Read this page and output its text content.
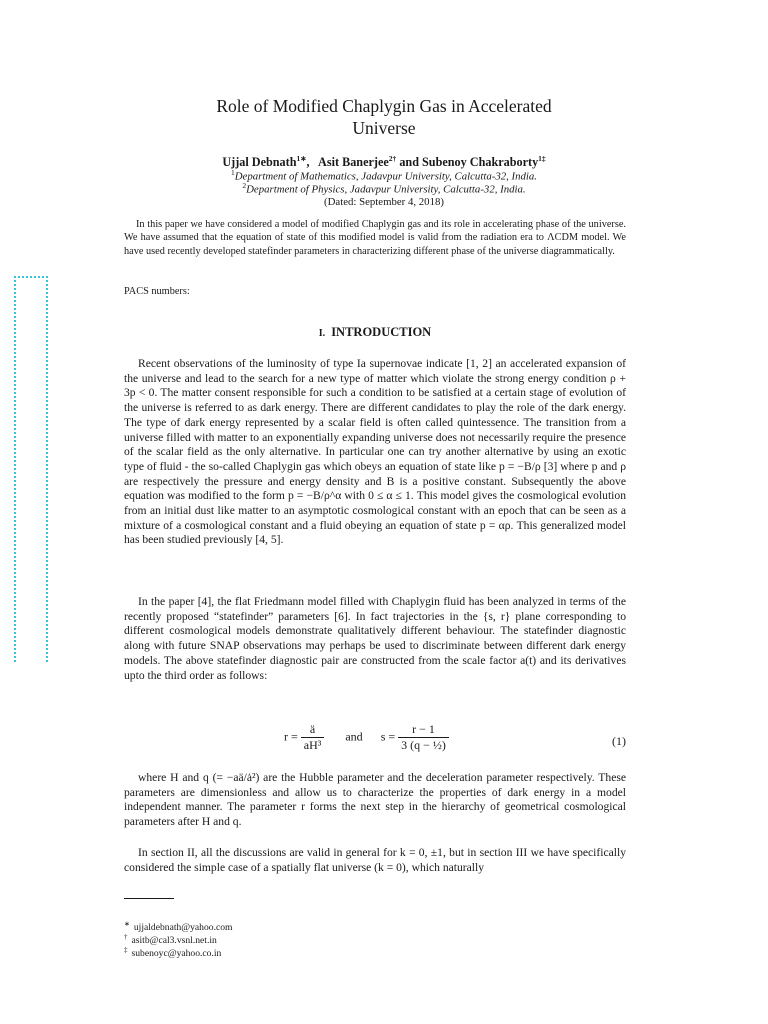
Role of Modified Chaplygin Gas in Accelerated
Universe
Ujjal Debnath$^{1∗}$,   Asit Banerjee$^{2\dagger}$ and Subenoy Chakraborty$^{1\ddagger}$
$^1$Department of Mathematics, Jadavpur University, Calcutta-32, India.
$^2$Department of Physics, Jadavpur University, Calcutta-32, India.
(Dated: September 4, 2018)
In this paper we have considered a model of modified Chaplygin gas and its role in accelerating phase of the universe. We have assumed that the equation of state of this modified model is valid from the radiation era to ΛCDM model. We have used recently developed statefinder parameters in characterizing different phase of the universe diagrammatically.
PACS numbers:
I. INTRODUCTION
Recent observations of the luminosity of type Ia supernovae indicate [1, 2] an accelerated expansion of the universe and lead to the search for a new type of matter which violate the strong energy condition ρ + 3p < 0. The matter consent responsible for such a condition to be satisfied at a certain stage of evolution of the universe is referred to as dark energy. There are different candidates to play the role of the dark energy. The type of dark energy represented by a scalar field is often called quintessence. The transition from a universe filled with matter to an exponentially expanding universe does not necessarily require the presence of the scalar field as the only alternative. In particular one can try another alternative by using an exotic type of fluid - the so-called Chaplygin gas which obeys an equation of state like p = −B/ρ [3] where p and ρ are respectively the pressure and energy density and B is a positive constant. Subsequently the above equation was modified to the form p = −B/ρ^α with 0 ≤ α ≤ 1. This model gives the cosmological evolution from an initial dust like matter to an asymptotic cosmological constant with an epoch that can be seen as a mixture of a cosmological constant and a fluid obeying an equation of state p = αρ. This generalized model has been studied previously [4, 5].
In the paper [4], the flat Friedmann model filled with Chaplygin fluid has been analyzed in terms of the recently proposed “statefinder” parameters [6]. In fact trajectories in the {s, r} plane corresponding to different cosmological models demonstrate qualitatively different behaviour. The statefinder diagnostic along with future SNAP observations may perhaps be used to discriminate between different dark energy models. The above statefinder diagnostic pair are constructed from the scale factor a(t) and its derivatives upto the third order as follows:
$r = \frac{ä}{\text{aH³}}$ and $s = \frac{r - 1}{\text{3 (q − ½)}}$	(1)
where H and q (= −aä/ȧ²) are the Hubble parameter and the deceleration parameter respectively. These parameters are dimensionless and allow us to characterize the properties of dark energy in a model independent manner. The parameter r forms the next step in the hierarchy of geometrical cosmological parameters after H and q.
In section II, all the discussions are valid in general for k = 0, ±1, but in section III we have specifically considered the simple case of a spatially flat universe (k = 0), which naturally
∗ ujjaldebnath@yahoo.com
† asitb@cal3.vsnl.net.in
‡ subenoyc@yahoo.co.in
